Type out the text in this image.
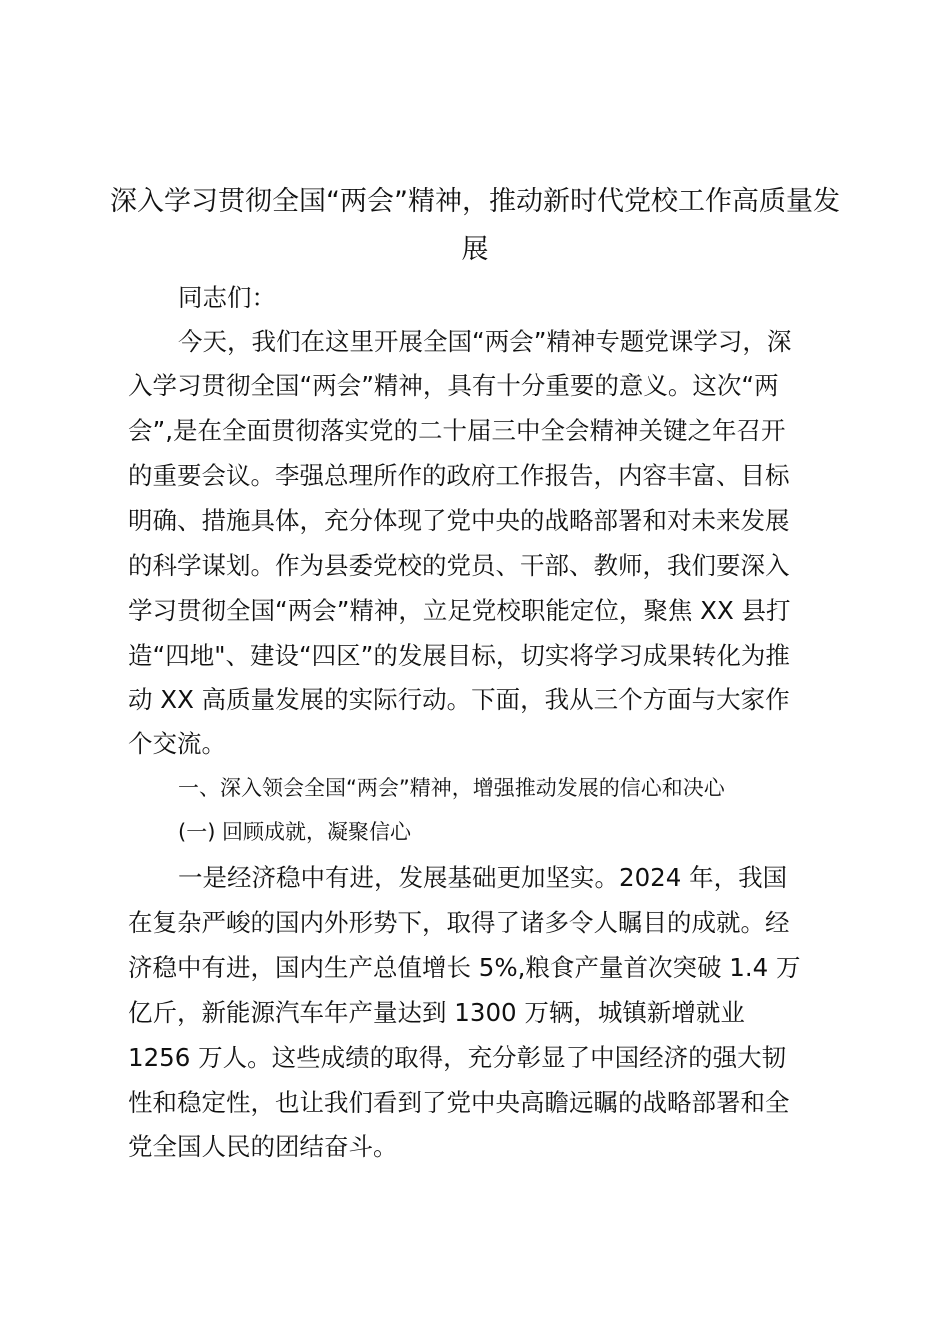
深入学习贯彻全国“两会”精神，推动新时代党校工作高质量发展
同志们：
今天，我们在这里开展全国“两会”精神专题党课学习，深
入学习贯彻全国“两会”精神，具有十分重要的意义。这次“两
会”,是在全面贯彻落实党的二十届三中全会精神关键之年召开
的重要会议。李强总理所作的政府工作报告，内容丰富、目标
明确、措施具体，充分体现了党中央的战略部署和对未来发展
的科学谋划。作为县委党校的党员、干部、教师，我们要深入
学习贯彻全国“两会”精神，立足党校职能定位，聚焦 XX 县打
造“四地"、建设“四区”的发展目标，切实将学习成果转化为推
动 XX 高质量发展的实际行动。下面，我从三个方面与大家作
个交流。
一、深入领会全国“两会”精神，增强推动发展的信心和决心
(一) 回顾成就，凝聚信心
一是经济稳中有进，发展基础更加坚实。2024 年，我国
在复杂严峻的国内外形势下，取得了诸多令人瞩目的成就。经
济稳中有进，国内生产总值增长 5%,粮食产量首次突破 1.4 万
亿斤，新能源汽车年产量达到 1300 万辆，城镇新增就业
1256 万人。这些成绩的取得，充分彰显了中国经济的强大韧
性和稳定性，也让我们看到了党中央高瞻远瞩的战略部署和全
党全国人民的团结奋斗。
